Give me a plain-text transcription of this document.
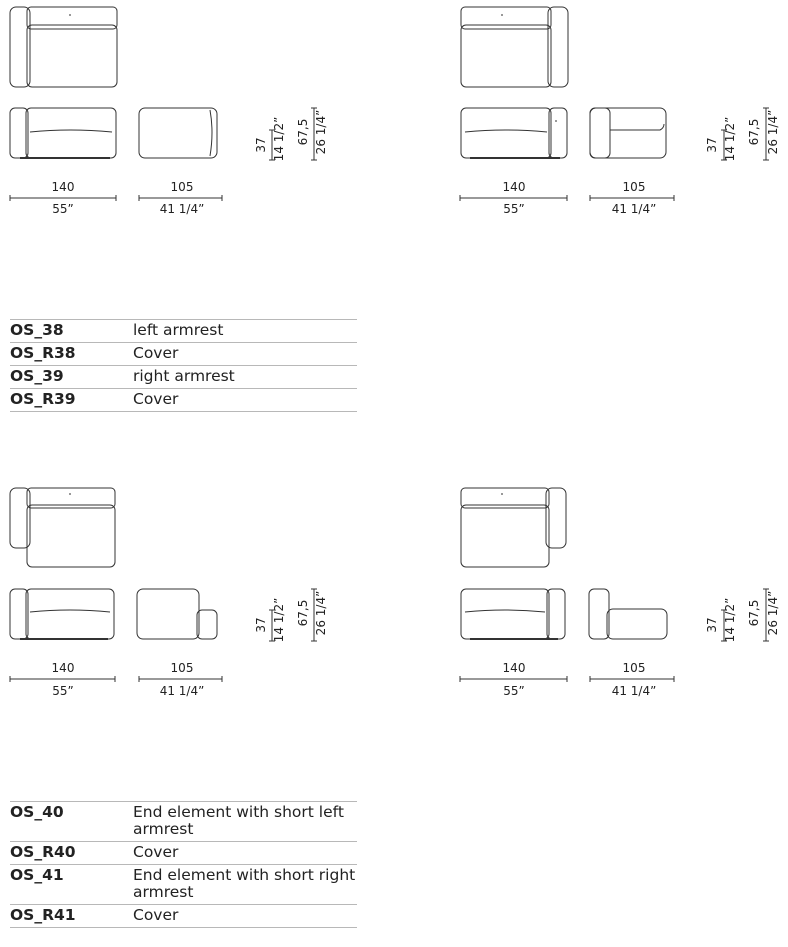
140
55”
105
41 1/4”
37 14 1/2” 67,5 26 1/4”
140
55”
105
41 1/4”
37 14 1/2” 67,5 26 1/4”
140
55”
105
41 1/4”
37 14 1/2” 67,5 26 1/4”
140
55”
105
41 1/4”
37 14 1/2” 67,5 26 1/4”
OS_38	left armrest
OS_R38	Cover
OS_39	right armrest
OS_R39	Cover
OS_40	End element with short left armrest
OS_R40	Cover
OS_41	End element with short right armrest
OS_R41	Cover
